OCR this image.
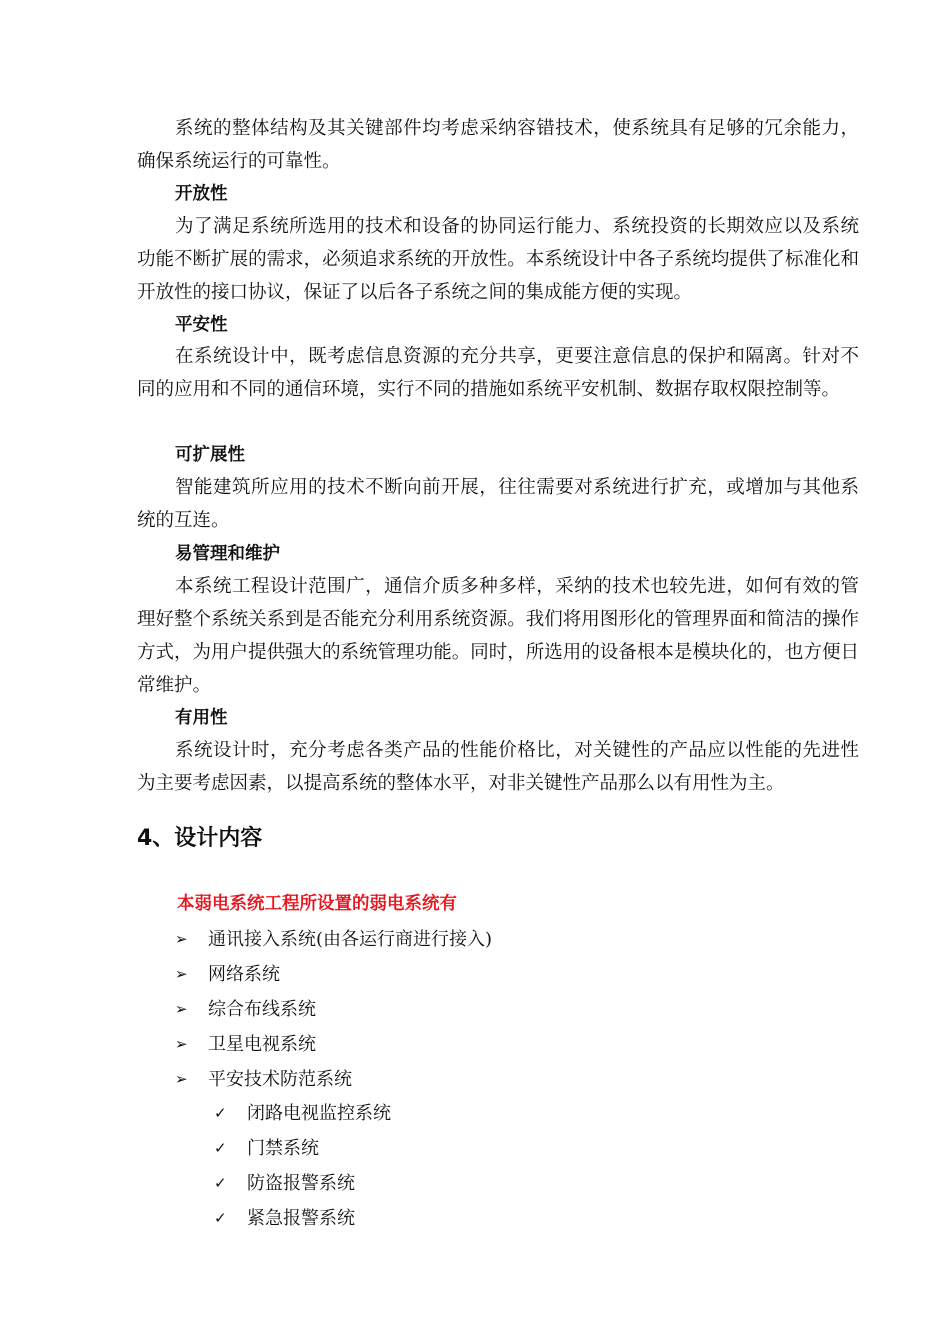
系统的整体结构及其关键部件均考虑采纳容错技术，使系统具有足够的冗余能力，确保系统运行的可靠性。

开放性

为了满足系统所选用的技术和设备的协同运行能力、系统投资的长期效应以及系统功能不断扩展的需求，必须追求系统的开放性。本系统设计中各子系统均提供了标准化和开放性的接口协议，保证了以后各子系统之间的集成能方便的实现。

平安性

在系统设计中，既考虑信息资源的充分共享，更要注意信息的保护和隔离。针对不同的应用和不同的通信环境，实行不同的措施如系统平安机制、数据存取权限控制等。

可扩展性

智能建筑所应用的技术不断向前开展，往往需要对系统进行扩充，或增加与其他系统的互连。

易管理和维护

本系统工程设计范围广，通信介质多种多样，采纳的技术也较先进，如何有效的管理好整个系统关系到是否能充分利用系统资源。我们将用图形化的管理界面和简洁的操作方式，为用户提供强大的系统管理功能。同时，所选用的设备根本是模块化的，也方便日常维护。

有用性

系统设计时，充分考虑各类产品的性能价格比，对关键性的产品应以性能的先进性为主要考虑因素，以提高系统的整体水平，对非关键性产品那么以有用性为主。

4、设计内容

本弱电系统工程所设置的弱电系统有

➢ 通讯接入系统(由各运行商进行接入)
➢ 网络系统
➢ 综合布线系统
➢ 卫星电视系统
➢ 平安技术防范系统
✓ 闭路电视监控系统
✓ 门禁系统
✓ 防盗报警系统
✓ 紧急报警系统
